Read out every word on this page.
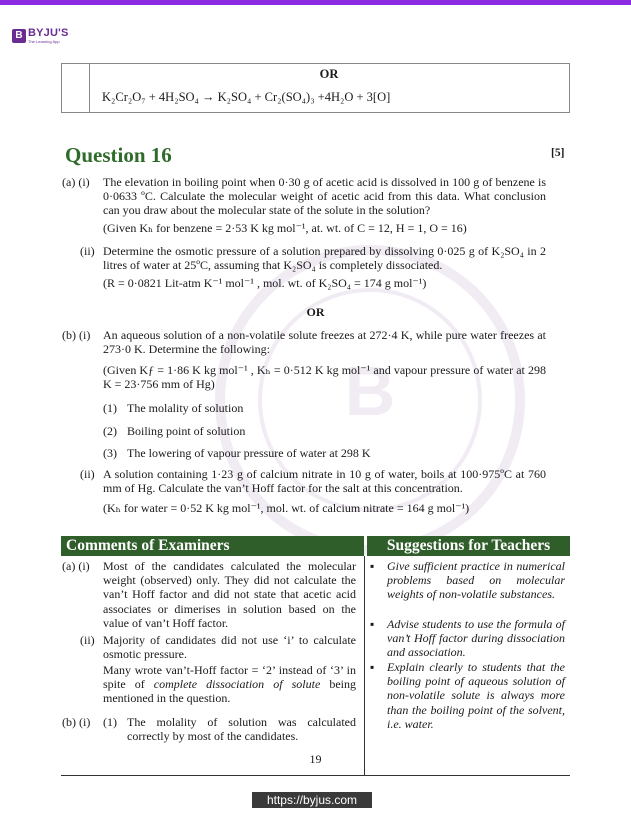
B BYJU'S
The Learning App
B
OR
K₂Cr₂O₇ + 4H₂SO₄ → K₂SO₄ + Cr₂(SO₄)₃ +4H₂O + 3[O]
Question 16	[5]
(a) (i) The elevation in boiling point when 0·30 g of acetic acid is dissolved in 100 g of benzene is 0·0633 ºC. Calculate the molecular weight of acetic acid from this data. What conclusion can you draw about the molecular state of the solute in the solution?
(Given Kₕ for benzene = 2·53 K kg mol⁻¹, at. wt. of C = 12, H = 1, O = 16)
(ii) Determine the osmotic pressure of a solution prepared by dissolving 0·025 g of K₂SO₄ in 2 litres of water at 25ºC, assuming that K₂SO₄ is completely dissociated.
(R = 0·0821 Lit-atm K⁻¹ mol⁻¹ , mol. wt. of K₂SO₄ = 174 g mol⁻¹)
OR
(b) (i) An aqueous solution of a non-volatile solute freezes at 272·4 K, while pure water freezes at 273·0 K. Determine the following:
(Given Kƒ = 1·86 K kg mol⁻¹ , Kₕ = 0·512 K kg mol⁻¹ and vapour pressure of water at 298 K = 23·756 mm of Hg)
(1) The molality of solution
(2) Boiling point of solution
(3) The lowering of vapour pressure of water at 298 K
(ii) A solution containing 1·23 g of calcium nitrate in 10 g of water, boils at 100·975ºC at 760 mm of Hg. Calculate the van’t Hoff factor for the salt at this concentration.
(Kₕ for water = 0·52 K kg mol⁻¹, mol. wt. of calcium nitrate = 164 g mol⁻¹)
Comments of Examiners	Suggestions for Teachers
(a) (i) Most of the candidates calculated the molecular weight (observed) only. They did not calculate the van’t Hoff factor and did not state that acetic acid associates or dimerises in solution based on the value of van’t Hoff factor.
(ii) Majority of candidates did not use ‘i’ to calculate osmotic pressure.
Many wrote van’t-Hoff factor = ‘2’ instead of ‘3’ in spite of complete dissociation of solute being mentioned in the question.
(b) (i) (1) The molality of solution was calculated correctly by most of the candidates.
▪ Give sufficient practice in numerical problems based on molecular weights of non-volatile substances.
▪ Advise students to use the formula of van’t Hoff factor during dissociation and association.
▪ Explain clearly to students that the boiling point of aqueous solution of non-volatile solute is always more than the boiling point of the solvent, i.e. water.
19
https://byjus.com
